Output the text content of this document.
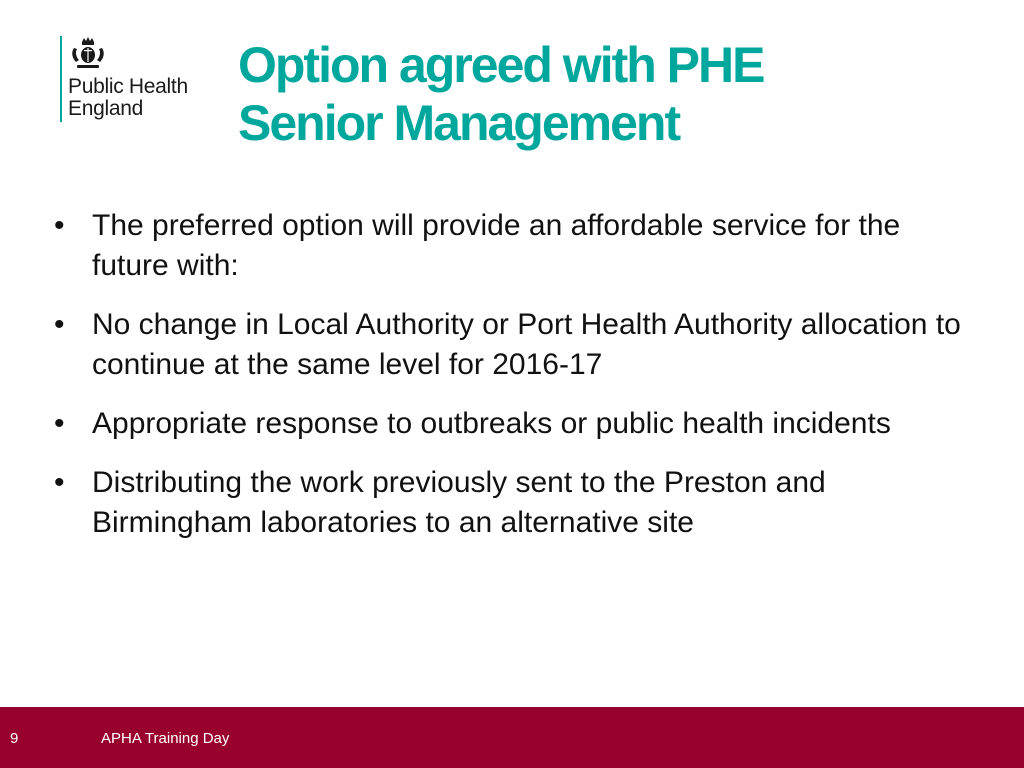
Public Health
England
Option agreed with PHE
Senior Management
• The preferred option will provide an affordable service for the future with:
• No change in Local Authority or Port Health Authority allocation to continue at the same level for 2016-17
• Appropriate response to outbreaks or public health incidents
• Distributing the work previously sent to the Preston and Birmingham laboratories to an alternative site
9	APHA Training Day
